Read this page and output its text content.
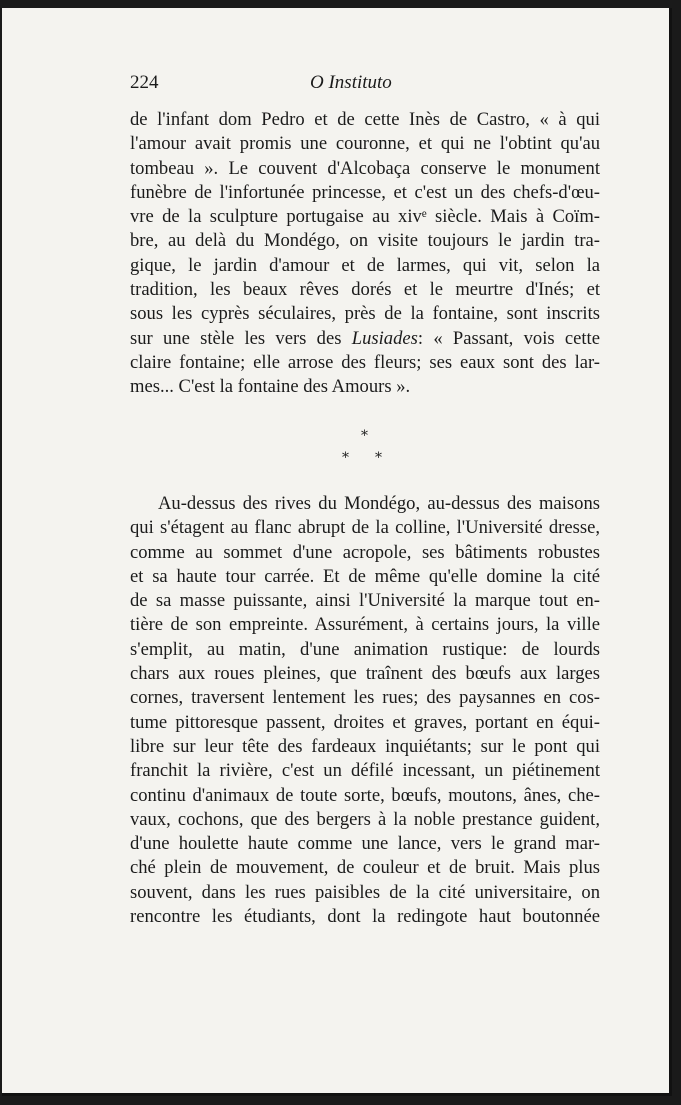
224	O Instituto
de l'infant dom Pedro et de cette Inès de Castro, « à qui
l'amour avait promis une couronne, et qui ne l'obtint qu'au
tombeau ». Le couvent d'Alcobaça conserve le monument
funèbre de l'infortunée princesse, et c'est un des chefs-d'œu-
vre de la sculpture portugaise au xivᵉ siècle. Mais à Coïm-
bre, au delà du Mondégo, on visite toujours le jardin tra-
gique, le jardin d'amour et de larmes, qui vit, selon la
tradition, les beaux rêves dorés et le meurtre d'Inés; et
sous les cyprès séculaires, près de la fontaine, sont inscrits
sur une stèle les vers des Lusiades: « Passant, vois cette
claire fontaine; elle arrose des fleurs; ses eaux sont des lar-
mes... C'est la fontaine des Amours ».
*
* *
Au-dessus des rives du Mondégo, au-dessus des maisons
qui s'étagent au flanc abrupt de la colline, l'Université dresse,
comme au sommet d'une acropole, ses bâtiments robustes
et sa haute tour carrée. Et de même qu'elle domine la cité
de sa masse puissante, ainsi l'Université la marque tout en-
tière de son empreinte. Assurément, à certains jours, la ville
s'emplit, au matin, d'une animation rustique: de lourds
chars aux roues pleines, que traînent des bœufs aux larges
cornes, traversent lentement les rues; des paysannes en cos-
tume pittoresque passent, droites et graves, portant en équi-
libre sur leur tête des fardeaux inquiétants; sur le pont qui
franchit la rivière, c'est un défilé incessant, un piétinement
continu d'animaux de toute sorte, bœufs, moutons, ânes, che-
vaux, cochons, que des bergers à la noble prestance guident,
d'une houlette haute comme une lance, vers le grand mar-
ché plein de mouvement, de couleur et de bruit. Mais plus
souvent, dans les rues paisibles de la cité universitaire, on
rencontre les étudiants, dont la redingote haut boutonnée
